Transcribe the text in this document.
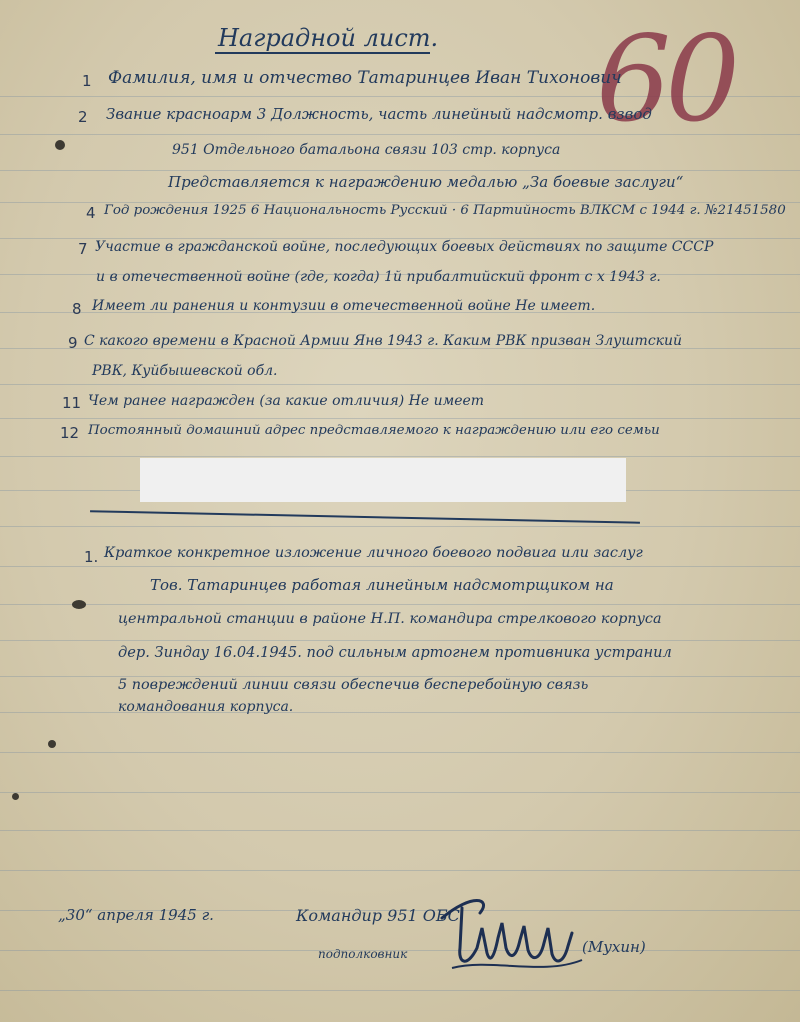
Наградной лист. 60
1 Фамилия, имя и отчество Татаринцев Иван Тихонович
2 Звание красноарм 3 Должность, часть линейный надсмотр. взвод
951 Отдельного батальона связи 103 стр. корпуса
Представляется к награждению медалью „За боевые заслуги“
4 Год рождения 1925 6 Национальность Русский · 6 Партийность ВЛКСМ с 1944 г. №21451580
7 Участие в гражданской войне, последующих боевых действиях по защите СССР
и в отечественной войне (где, когда) 1й прибалтийский фронт с х 1943 г.
8 Имеет ли ранения и контузии в отечественной войне Не имеет.
9 С какого времени в Красной Армии Янв 1943 г. Каким РВК призван Злуштский
РВК, Куйбышевской обл.
11 Чем ранее награжден (за какие отличия) Не имеет
12 Постоянный домашний адрес представляемого к награждению или его семьи
1. Краткое конкретное изложение личного боевого подвига или заслуг
Тов. Татаринцев работая линейным надсмотрщиком на
центральной станции в районе Н.П. командира стрелкового корпуса
дер. Зиндау 16.04.1945. под сильным артогнем противника устранил
5 повреждений линии связи обеспечив бесперебойную связь
командования корпуса.
„30“ апреля 1945 г.	Командир 951 ОБС
подполковник	(Мухин)
